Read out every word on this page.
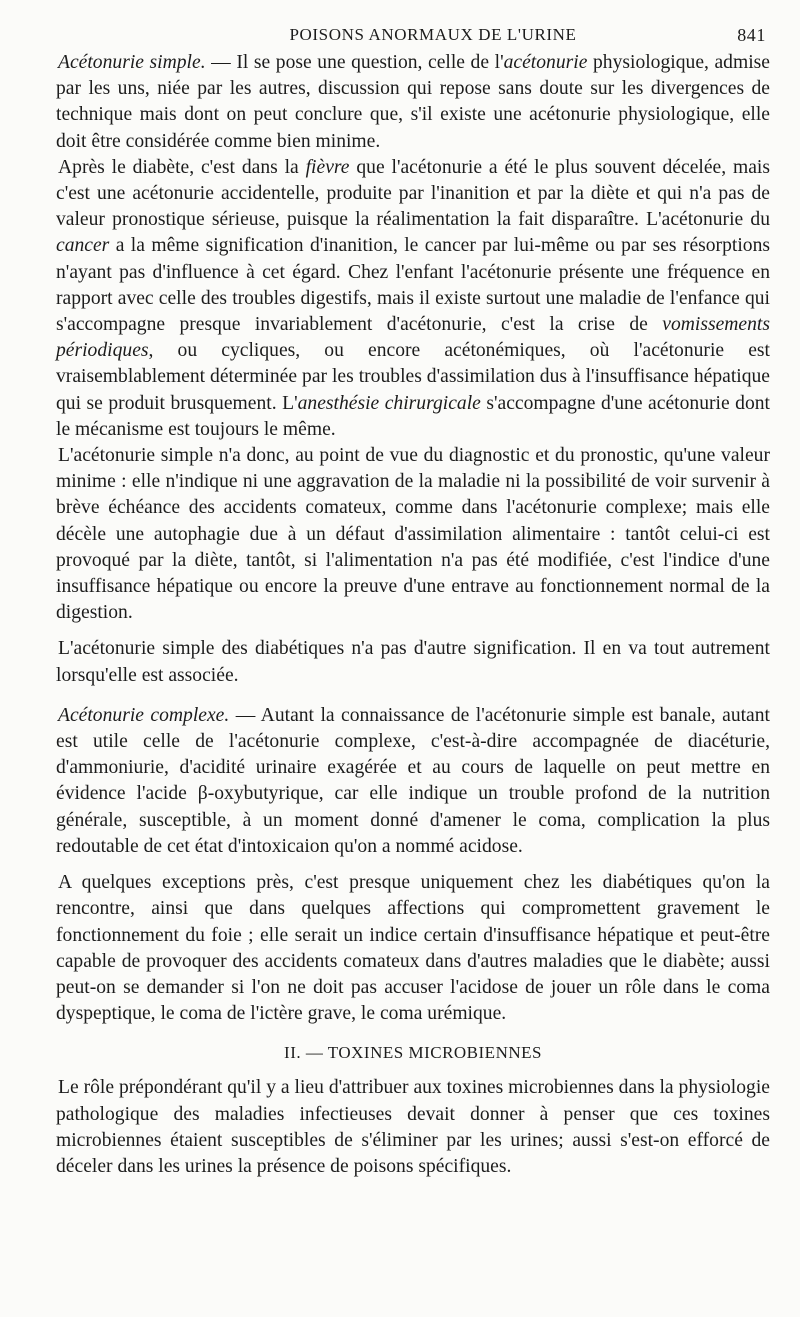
POISONS ANORMAUX DE L'URINE	841

Acétonurie simple. — Il se pose une question, celle de l'acétonurie physiologique, admise par les uns, niée par les autres, discussion qui repose sans doute sur les divergences de technique mais dont on peut conclure que, s'il existe une acétonurie physiologique, elle doit être considérée comme bien minime.

Après le diabète, c'est dans la fièvre que l'acétonurie a été le plus souvent décelée, mais c'est une acétonurie accidentelle, produite par l'inanition et par la diète et qui n'a pas de valeur pronostique sérieuse, puisque la réalimentation la fait disparaître. L'acétonurie du cancer a la même signification d'inanition, le cancer par lui-même ou par ses résorptions n'ayant pas d'influence à cet égard. Chez l'enfant l'acétonurie présente une fréquence en rapport avec celle des troubles digestifs, mais il existe surtout une maladie de l'enfance qui s'accompagne presque invariablement d'acétonurie, c'est la crise de vomissements périodiques, ou cycliques, ou encore acétonémiques, où l'acétonurie est vraisemblablement déterminée par les troubles d'assimilation dus à l'insuffisance hépatique qui se produit brusquement. L'anesthésie chirurgicale s'accompagne d'une acétonurie dont le mécanisme est toujours le même.

L'acétonurie simple n'a donc, au point de vue du diagnostic et du pronostic, qu'une valeur minime : elle n'indique ni une aggravation de la maladie ni la possibilité de voir survenir à brève échéance des accidents comateux, comme dans l'acétonurie complexe; mais elle décèle une autophagie due à un défaut d'assimilation alimentaire : tantôt celui-ci est provoqué par la diète, tantôt, si l'alimentation n'a pas été modifiée, c'est l'indice d'une insuffisance hépatique ou encore la preuve d'une entrave au fonctionnement normal de la digestion.

L'acétonurie simple des diabétiques n'a pas d'autre signification. Il en va tout autrement lorsqu'elle est associée.

Acétonurie complexe. — Autant la connaissance de l'acétonurie simple est banale, autant est utile celle de l'acétonurie complexe, c'est-à-dire accompagnée de diacéturie, d'ammoniurie, d'acidité urinaire exagérée et au cours de laquelle on peut mettre en évidence l'acide β-oxybutyrique, car elle indique un trouble profond de la nutrition générale, susceptible, à un moment donné d'amener le coma, complication la plus redoutable de cet état d'intoxicaion qu'on a nommé acidose.

A quelques exceptions près, c'est presque uniquement chez les diabétiques qu'on la rencontre, ainsi que dans quelques affections qui compromettent gravement le fonctionnement du foie ; elle serait un indice certain d'insuffisance hépatique et peut-être capable de provoquer des accidents comateux dans d'autres maladies que le diabète; aussi peut-on se demander si l'on ne doit pas accuser l'acidose de jouer un rôle dans le coma dyspeptique, le coma de l'ictère grave, le coma urémique.

II. — TOXINES MICROBIENNES

Le rôle prépondérant qu'il y a lieu d'attribuer aux toxines microbiennes dans la physiologie pathologique des maladies infectieuses devait donner à penser que ces toxines microbiennes étaient susceptibles de s'éliminer par les urines; aussi s'est-on efforcé de déceler dans les urines la présence de poisons spécifiques.
